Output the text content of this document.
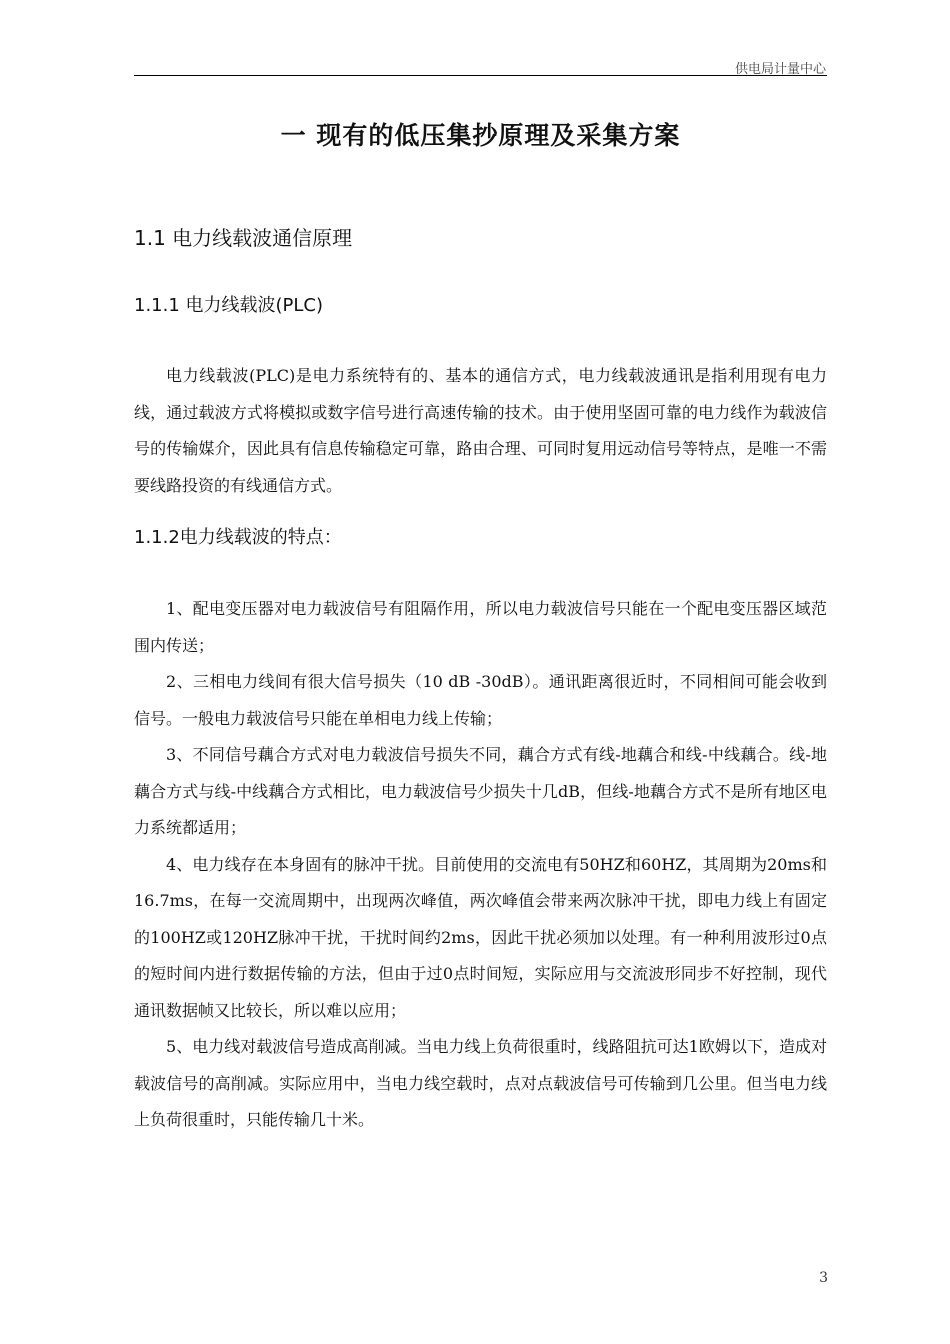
供电局计量中心
一 现有的低压集抄原理及采集方案
1.1 电力线载波通信原理
1.1.1 电力线载波(PLC)

电力线载波(PLC)是电力系统特有的、基本的通信方式，电力线载波通讯是指利用现有电力线，通过载波方式将模拟或数字信号进行高速传输的技术。由于使用坚固可靠的电力线作为载波信号的传输媒介，因此具有信息传输稳定可靠，路由合理、可同时复用远动信号等特点，是唯一不需要线路投资的有线通信方式。

1.1.2电力线载波的特点：

1、配电变压器对电力载波信号有阻隔作用，所以电力载波信号只能在一个配电变压器区域范围内传送；

2、三相电力线间有很大信号损失（10 dB -30dB）。通讯距离很近时，不同相间可能会收到信号。一般电力载波信号只能在单相电力线上传输；

3、不同信号藕合方式对电力载波信号损失不同，藕合方式有线-地藕合和线-中线藕合。线-地藕合方式与线-中线藕合方式相比，电力载波信号少损失十几dB，但线-地藕合方式不是所有地区电力系统都适用；

4、电力线存在本身固有的脉冲干扰。目前使用的交流电有50HZ和60HZ，其周期为20ms和16.7ms，在每一交流周期中，出现两次峰值，两次峰值会带来两次脉冲干扰，即电力线上有固定的100HZ或120HZ脉冲干扰，干扰时间约2ms，因此干扰必须加以处理。有一种利用波形过0点的短时间内进行数据传输的方法，但由于过0点时间短，实际应用与交流波形同步不好控制，现代通讯数据帧又比较长，所以难以应用；

5、电力线对载波信号造成高削减。当电力线上负荷很重时，线路阻抗可达1欧姆以下，造成对载波信号的高削减。实际应用中，当电力线空载时，点对点载波信号可传输到几公里。但当电力线上负荷很重时，只能传输几十米。

3
